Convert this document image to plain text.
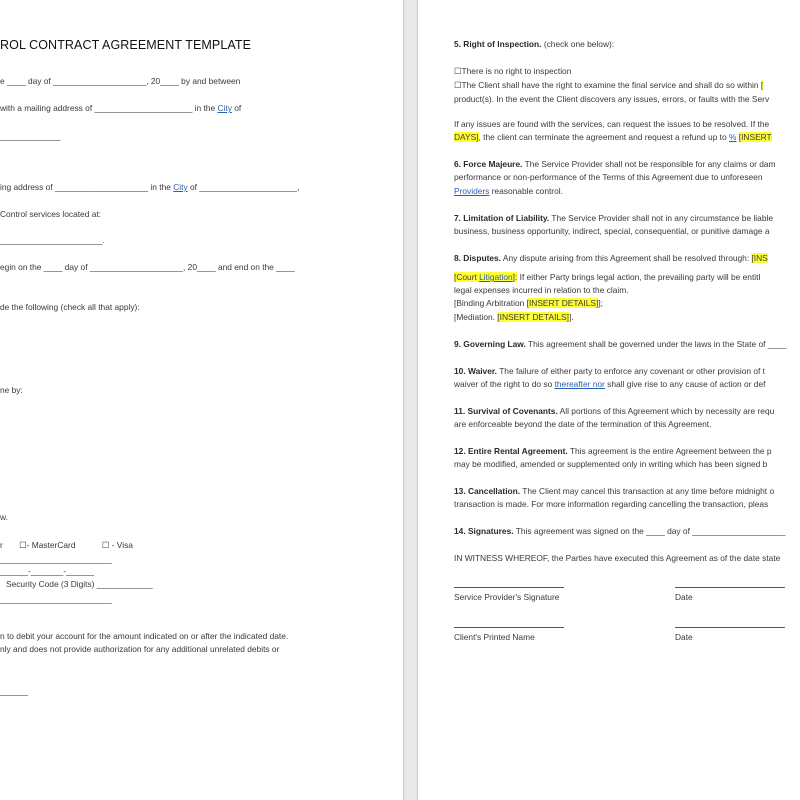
ROL CONTRACT AGREEMENT TEMPLATE
e ____ day of ____________________, 20____ by and between
with a mailing address of _____________________ in the City of
_____________
ing address of ____________________ in the City of _____________________,
Control services located at:
______________________.
egin on the ____ day of ____________________, 20____ and end on the ____
de the following (check all that apply):
ne by:
w.
r ☐- MasterCard	☐ - Visa
________________________
______-_______-______
Security Code (3 Digits) ____________
________________________
n to debit your account for the amount indicated on or after the indicated date.
nly and does not provide authorization for any additional unrelated debits or
______
5. Right of Inspection. (check one below):
☐There is no right to inspection
☐The Client shall have the right to examine the final service and shall do so within [
product(s). In the event the Client discovers any issues, errors, or faults with the Serv
If any issues are found with the services, can request the issues to be resolved. If the
DAYS], the client can terminate the agreement and request a refund up to % [INSERT
6. Force Majeure. The Service Provider shall not be responsible for any claims or dam
performance or non-performance of the Terms of this Agreement due to unforeseen
Providers reasonable control.
7. Limitation of Liability. The Service Provider shall not in any circumstance be liable
business, business opportunity, indirect, special, consequential, or punitive damage a
8. Disputes. Any dispute arising from this Agreement shall be resolved through: [INS
[Court Litigation]: If either Party brings legal action, the prevailing party will be entitl
legal expenses incurred in relation to the claim.
[Binding Arbitration [INSERT DETAILS]];
[Mediation. [INSERT DETAILS]].
9. Governing Law. This agreement shall be governed under the laws in the State of ____
10. Waiver. The failure of either party to enforce any covenant or other provision of t
waiver of the right to do so thereafter nor shall give rise to any cause of action or def
11. Survival of Covenants. All portions of this Agreement which by necessity are requ
are enforceable beyond the date of the termination of this Agreement.
12. Entire Rental Agreement. This agreement is the entire Agreement between the p
may be modified, amended or supplemented only in writing which has been signed b
13. Cancellation. The Client may cancel this transaction at any time before midnight o
transaction is made. For more information regarding cancelling the transaction, pleas
14. Signatures. This agreement was signed on the ____ day of ____________________
IN WITNESS WHEREOF, the Parties have executed this Agreement as of the date state
Service Provider's Signature	Date
Client's Printed Name	Date
